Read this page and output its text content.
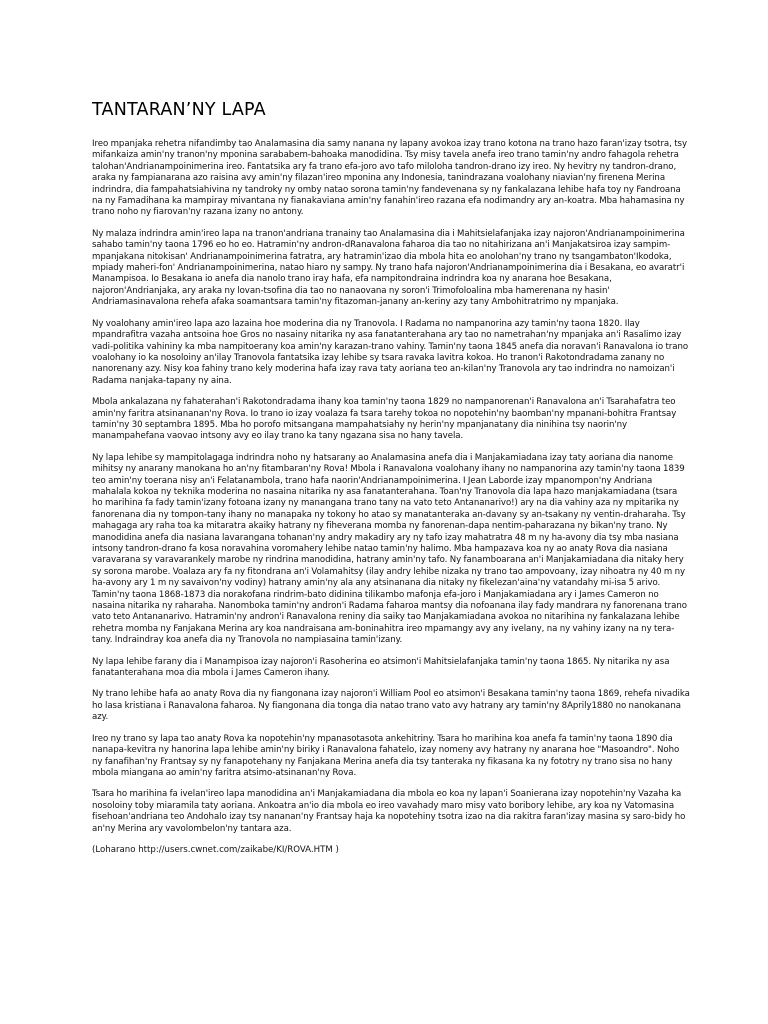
TANTARAN’NY LAPA

Ireo mpanjaka rehetra nifandimby tao Analamasina dia samy nanana ny lapany avokoa izay trano kotona na trano hazo faran'izay tsotra, tsy mifankaiza amin'ny tranon'ny mponina sarababem-bahoaka manodidina. Tsy misy tavela anefa ireo trano tamin'ny andro fahagola rehetra talohan'Andrianampoinimerina ireo. Fantatsika ary fa trano efa-joro avo tafo miloloha tandron-drano izy ireo. Ny hevitry ny tandron-drano, araka ny fampianarana azo raisina avy amin'ny filazan'ireo mponina any Indonesia, tanindrazana voalohany niavian'ny firenena Merina indrindra, dia fampahatsiahivina ny tandroky ny omby natao sorona tamin'ny fandevenana sy ny fankalazana lehibe hafa toy ny Fandroana na ny Famadihana ka mampiray mivantana ny fianakaviana amin'ny fanahin'ireo razana efa nodimandry ary an-koatra. Mba hahamasina ny trano noho ny fiarovan'ny razana izany no antony.

Ny malaza indrindra amin'ireo lapa na tranon'andriana tranainy tao Analamasina dia i Mahitsielafanjaka izay najoron'Andrianampoinimerina sahabo tamin'ny taona 1796 eo ho eo. Hatramin'ny andron-dRanavalona faharoa dia tao no nitahirizana an'i Manjakatsiroa izay sampim-mpanjakana nitokisan' Andrianampoinimerina fatratra, ary hatramin'izao dia mbola hita eo anolohan'ny trano ny tsangambaton'Ikodoka, mpiady maheri-fon' Andrianampoinimerina, natao hiaro ny sampy. Ny trano hafa najoron'Andrianampoinimerina dia i Besakana, eo avaratr'i Manampisoa. Io Besakana io anefa dia nanolo trano iray hafa, efa nampitondraina indrindra koa ny anarana hoe Besakana, najoron'Andrianjaka, ary araka ny lovan-tsofina dia tao no nanaovana ny soron'i Trimofoloalina mba hamerenana ny hasin' Andriamasinavalona rehefa afaka soamantsara tamin'ny fitazoman-janany an-keriny azy tany Ambohitratrimo ny mpanjaka.

Ny voalohany amin'ireo lapa azo lazaina hoe moderina dia ny Tranovola. I Radama no nampanorina azy tamin'ny taona 1820. Ilay mpandrafitra vazaha antsoina hoe Gros no nasainy nitarika ny asa fanatanterahana ary tao no nametrahan'ny mpanjaka an'i Rasalimo izay vadi-politika vahininy ka mba nampitoerany koa amin'ny karazan-trano vahiny. Tamin'ny taona 1845 anefa dia noravan'i Ranavalona io trano voalohany io ka nosoloiny an'ilay Tranovola fantatsika izay lehibe sy tsara ravaka lavitra kokoa. Ho tranon'i Rakotondradama zanany no nanorenany azy. Nisy koa fahiny trano kely moderina hafa izay rava taty aoriana teo an-kilan'ny Tranovola ary tao indrindra no namoizan'i Radama nanjaka-tapany ny aina.

Mbola ankalazana ny fahaterahan'i Rakotondradama ihany koa tamin'ny taona 1829 no nampanorenan'i Ranavalona an'i Tsarahafatra teo amin'ny faritra atsinananan'ny Rova. Io trano io izay voalaza fa tsara tarehy tokoa no nopotehin'ny baomban'ny mpanani-bohitra Frantsay tamin'ny 30 septambra 1895. Mba ho porofo mitsangana mampahatsiahy ny herin'ny mpanjanatany dia ninihina tsy naorin'ny manampahefana vaovao intsony avy eo ilay trano ka tany ngazana sisa no hany tavela.

Ny lapa lehibe sy mampitolagaga indrindra noho ny hatsarany ao Analamasina anefa dia i Manjakamiadana izay taty aoriana dia nanome mihitsy ny anarany manokana ho an'ny fitambaran'ny Rova! Mbola i Ranavalona voalohany ihany no nampanorina azy tamin'ny taona 1839 teo amin'ny toerana nisy an'i Felatanambola, trano hafa naorin'Andrianampoinimerina. I Jean Laborde izay mpanompon'ny Andriana mahalala kokoa ny teknika moderina no nasaina nitarika ny asa fanatanterahana. Toan'ny Tranovola dia lapa hazo manjakamiadana (tsara ho marihina fa fady tamin'izany fotoana izany ny manangana trano tany na vato teto Antananarivo!) ary na dia vahiny aza ny mpitarika ny fanorenana dia ny tompon-tany ihany no manapaka ny tokony ho atao sy manatanteraka an-davany sy an-tsakany ny ventin-draharaha. Tsy mahagaga ary raha toa ka mitaratra akaiky hatrany ny fiheverana momba ny fanorenan-dapa nentim-paharazana ny bikan'ny trano. Ny manodidina anefa dia nasiana lavarangana tohanan'ny andry makadiry ary ny tafo izay mahatratra 48 m ny ha-avony dia tsy mba nasiana intsony tandron-drano fa kosa noravahina voromahery lehibe natao tamin'ny halimo. Mba hampazava koa ny ao anaty Rova dia nasiana varavarana sy varavarankely marobe ny rindrina manodidina, hatrany amin'ny tafo. Ny fanamboarana an'i Manjakamiadana dia nitaky hery sy sorona marobe. Voalaza ary fa ny fitondrana an'i Volamahitsy (ilay andry lehibe nizaka ny trano tao ampovoany, izay nihoatra ny 40 m ny ha-avony ary 1 m ny savaivon'ny vodiny) hatrany amin'ny ala any atsinanana dia nitaky ny fikelezan'aina'ny vatandahy mi-isa 5 arivo. Tamin'ny taona 1868-1873 dia norakofana rindrim-bato didinina tilikambo mafonja efa-joro i Manjakamiadana ary i James Cameron no nasaina nitarika ny raharaha. Nanomboka tamin'ny andron'i Radama faharoa mantsy dia nofoanana ilay fady mandrara ny fanorenana trano vato teto Antananarivo. Hatramin'ny andron'i Ranavalona reniny dia saiky tao Manjakamiadana avokoa no nitarihina ny fankalazana lehibe rehetra momba ny Fanjakana Merina ary koa nandraisana am-boninahitra ireo mpamangy avy any ivelany, na ny vahiny izany na ny tera-tany. Indraindray koa anefa dia ny Tranovola no nampiasaina tamin'izany.

Ny lapa lehibe farany dia i Manampisoa izay najoron'i Rasoherina eo atsimon'i Mahitsielafanjaka tamin'ny taona 1865. Ny nitarika ny asa fanatanterahana moa dia mbola i James Cameron ihany.

Ny trano lehibe hafa ao anaty Rova dia ny fiangonana izay najoron'i William Pool eo atsimon'i Besakana tamin'ny taona 1869, rehefa nivadika ho lasa kristiana i Ranavalona faharoa. Ny fiangonana dia tonga dia natao trano vato avy hatrany ary tamin'ny 8Aprily1880 no nanokanana azy.

Ireo ny trano sy lapa tao anaty Rova ka nopotehin'ny mpanasotasota ankehitriny. Tsara ho marihina koa anefa fa tamin'ny taona 1890 dia nanapa-kevitra ny hanorina lapa lehibe amin'ny biriky i Ranavalona fahatelo, izay nomeny avy hatrany ny anarana hoe "Masoandro". Noho ny fanafihan'ny Frantsay sy ny fanapotehany ny Fanjakana Merina anefa dia tsy tanteraka ny fikasana ka ny fototry ny trano sisa no hany mbola miangana ao amin'ny faritra atsimo-atsinanan'ny Rova.

Tsara ho marihina fa ivelan'ireo lapa manodidina an'i Manjakamiadana dia mbola eo koa ny lapan'i Soanierana izay nopotehin'ny Vazaha ka nosoloiny toby miaramila taty aoriana. Ankoatra an'io dia mbola eo ireo vavahady maro misy vato boribory lehibe, ary koa ny Vatomasina fisehoan'andriana teo Andohalo izay tsy nananan'ny Frantsay haja ka nopotehiny tsotra izao na dia rakitra faran'izay masina sy saro-bidy ho an'ny Merina ary vavolombelon'ny tantara aza.

(Loharano http://users.cwnet.com/zaikabe/KI/ROVA.HTM )
